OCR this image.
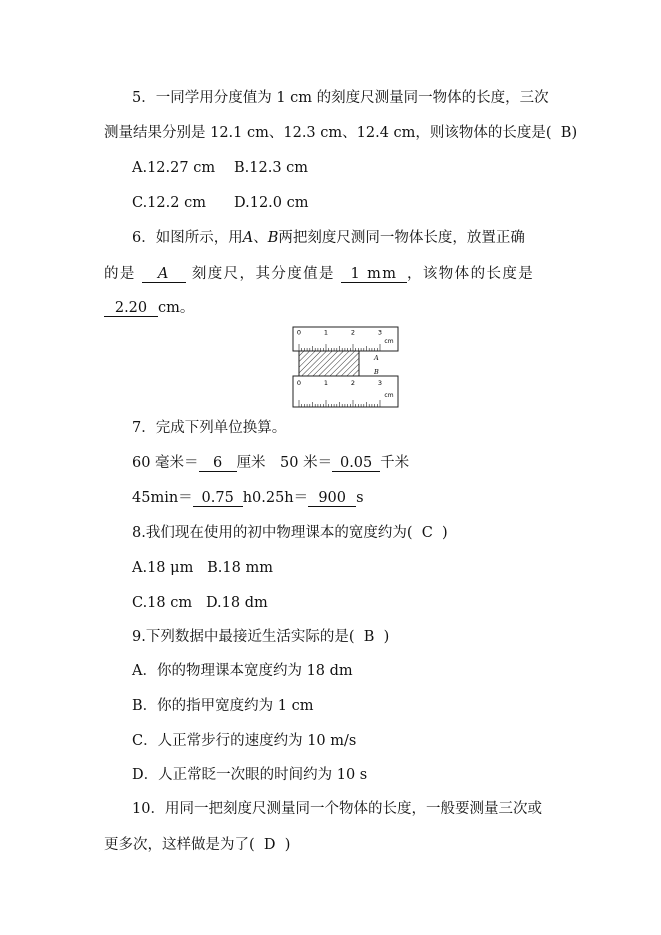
5．一同学用分度值为 1 cm 的刻度尺测量同一物体的长度，三次
测量结果分别是 12.1 cm、12.3 cm、12.4 cm，则该物体的长度是( B)
A.12.27 cm B.12.3 cm
C.12.2 cm D.12.0 cm
6．如图所示，用A、B两把刻度尺测同一物体长度，放置正确
的是 A 刻度尺，其分度值是 1 mm ，该物体的长度是
2.20 cm。
0	1	2	3
cm
A
B
0	1	2	3
cm
7．完成下列单位换算。
60 毫米＝ 6 厘米　50 米＝ 0.05 千米
45min＝ 0.75 h0.25h＝ 900 s
8.我们现在使用的初中物理课本的宽度约为( C )
A.18 μm B.18 mm
C.18 cm D.18 dm
9.下列数据中最接近生活实际的是( B )
A．你的物理课本宽度约为 18 dm
B．你的指甲宽度约为 1 cm
C．人正常步行的速度约为 10 m/s
D．人正常眨一次眼的时间约为 10 s
10．用同一把刻度尺测量同一个物体的长度，一般要测量三次或
更多次，这样做是为了( D )
